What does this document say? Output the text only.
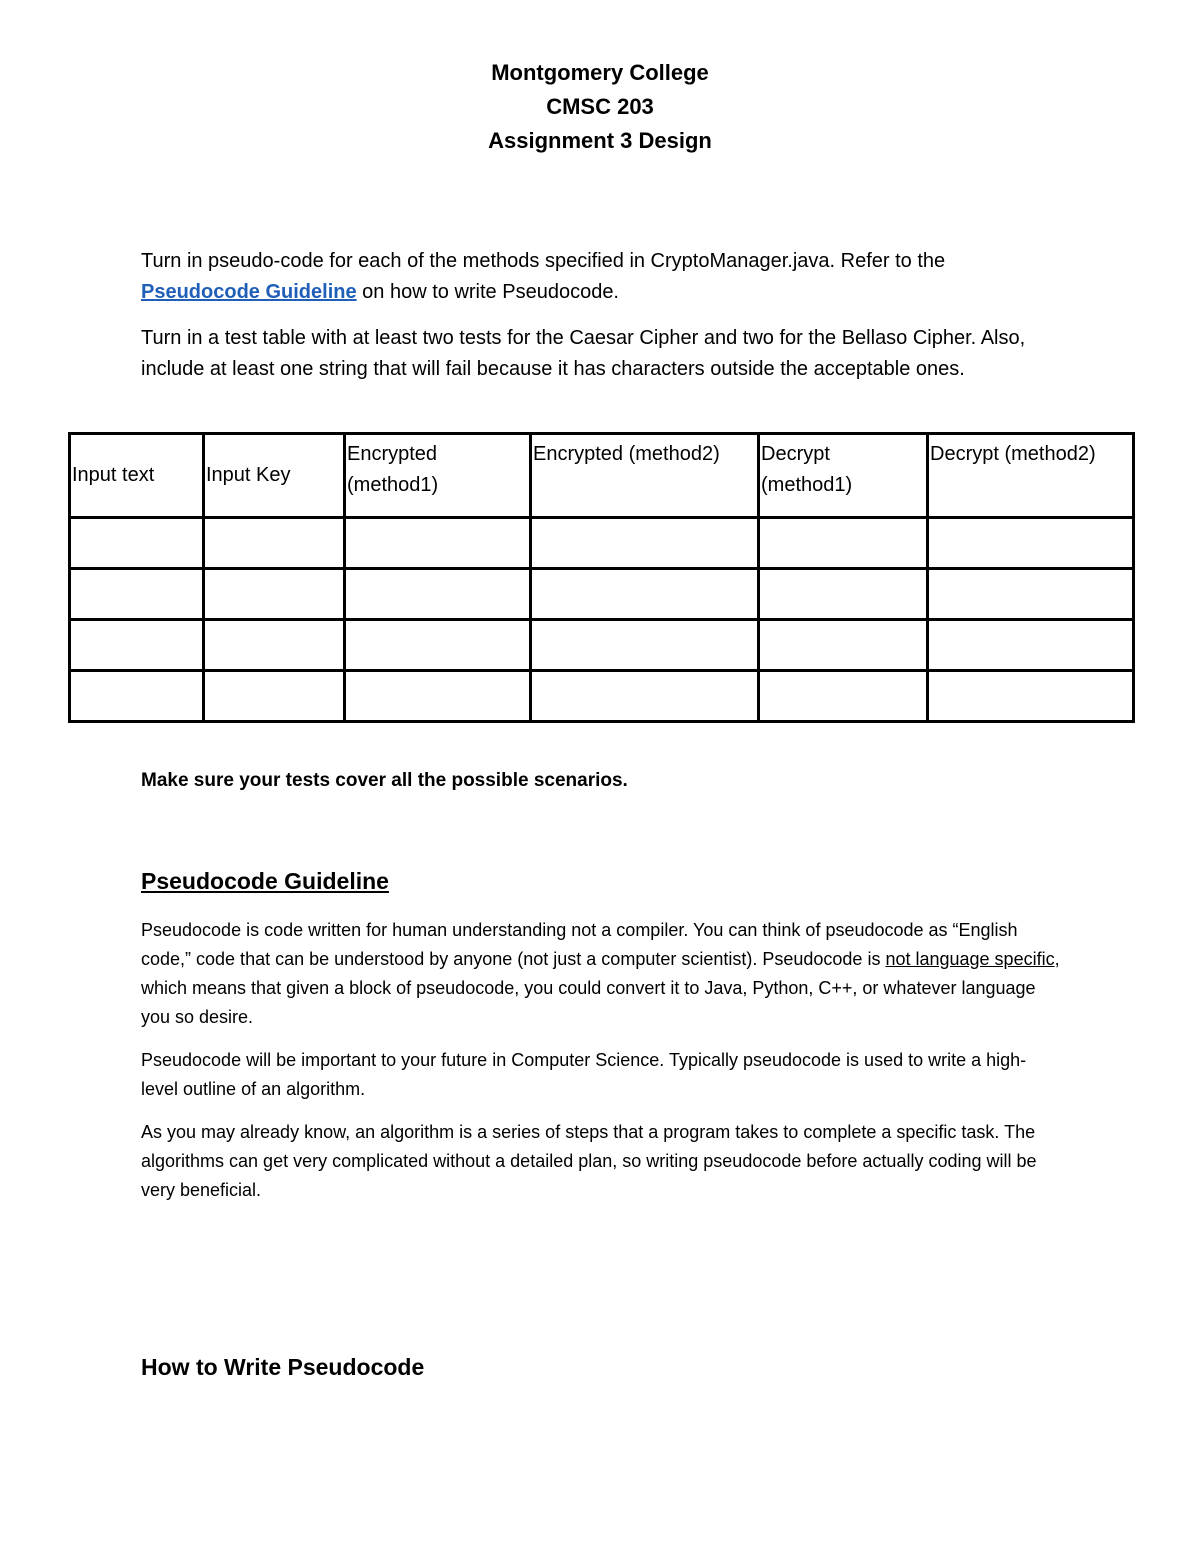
Montgomery College
CMSC 203
Assignment 3 Design

Turn in pseudo-code for each of the methods specified in CryptoManager.java. Refer to the Pseudocode Guideline on how to write Pseudocode.

Turn in a test table with at least two tests for the Caesar Cipher and two for the Bellaso Cipher. Also, include at least one string that will fail because it has characters outside the acceptable ones.

Input text	Input Key	Encrypted (method1)	Encrypted (method2)	Decrypt (method1)	Decrypt (method2)

Make sure your tests cover all the possible scenarios.
Pseudocode Guideline

Pseudocode is code written for human understanding not a compiler. You can think of pseudocode as “English code,” code that can be understood by anyone (not just a computer scientist). Pseudocode is not language specific, which means that given a block of pseudocode, you could convert it to Java, Python, C++, or whatever language you so desire.

Pseudocode will be important to your future in Computer Science. Typically pseudocode is used to write a high-level outline of an algorithm.

As you may already know, an algorithm is a series of steps that a program takes to complete a specific task. The algorithms can get very complicated without a detailed plan, so writing pseudocode before actually coding will be very beneficial.

How to Write Pseudocode
